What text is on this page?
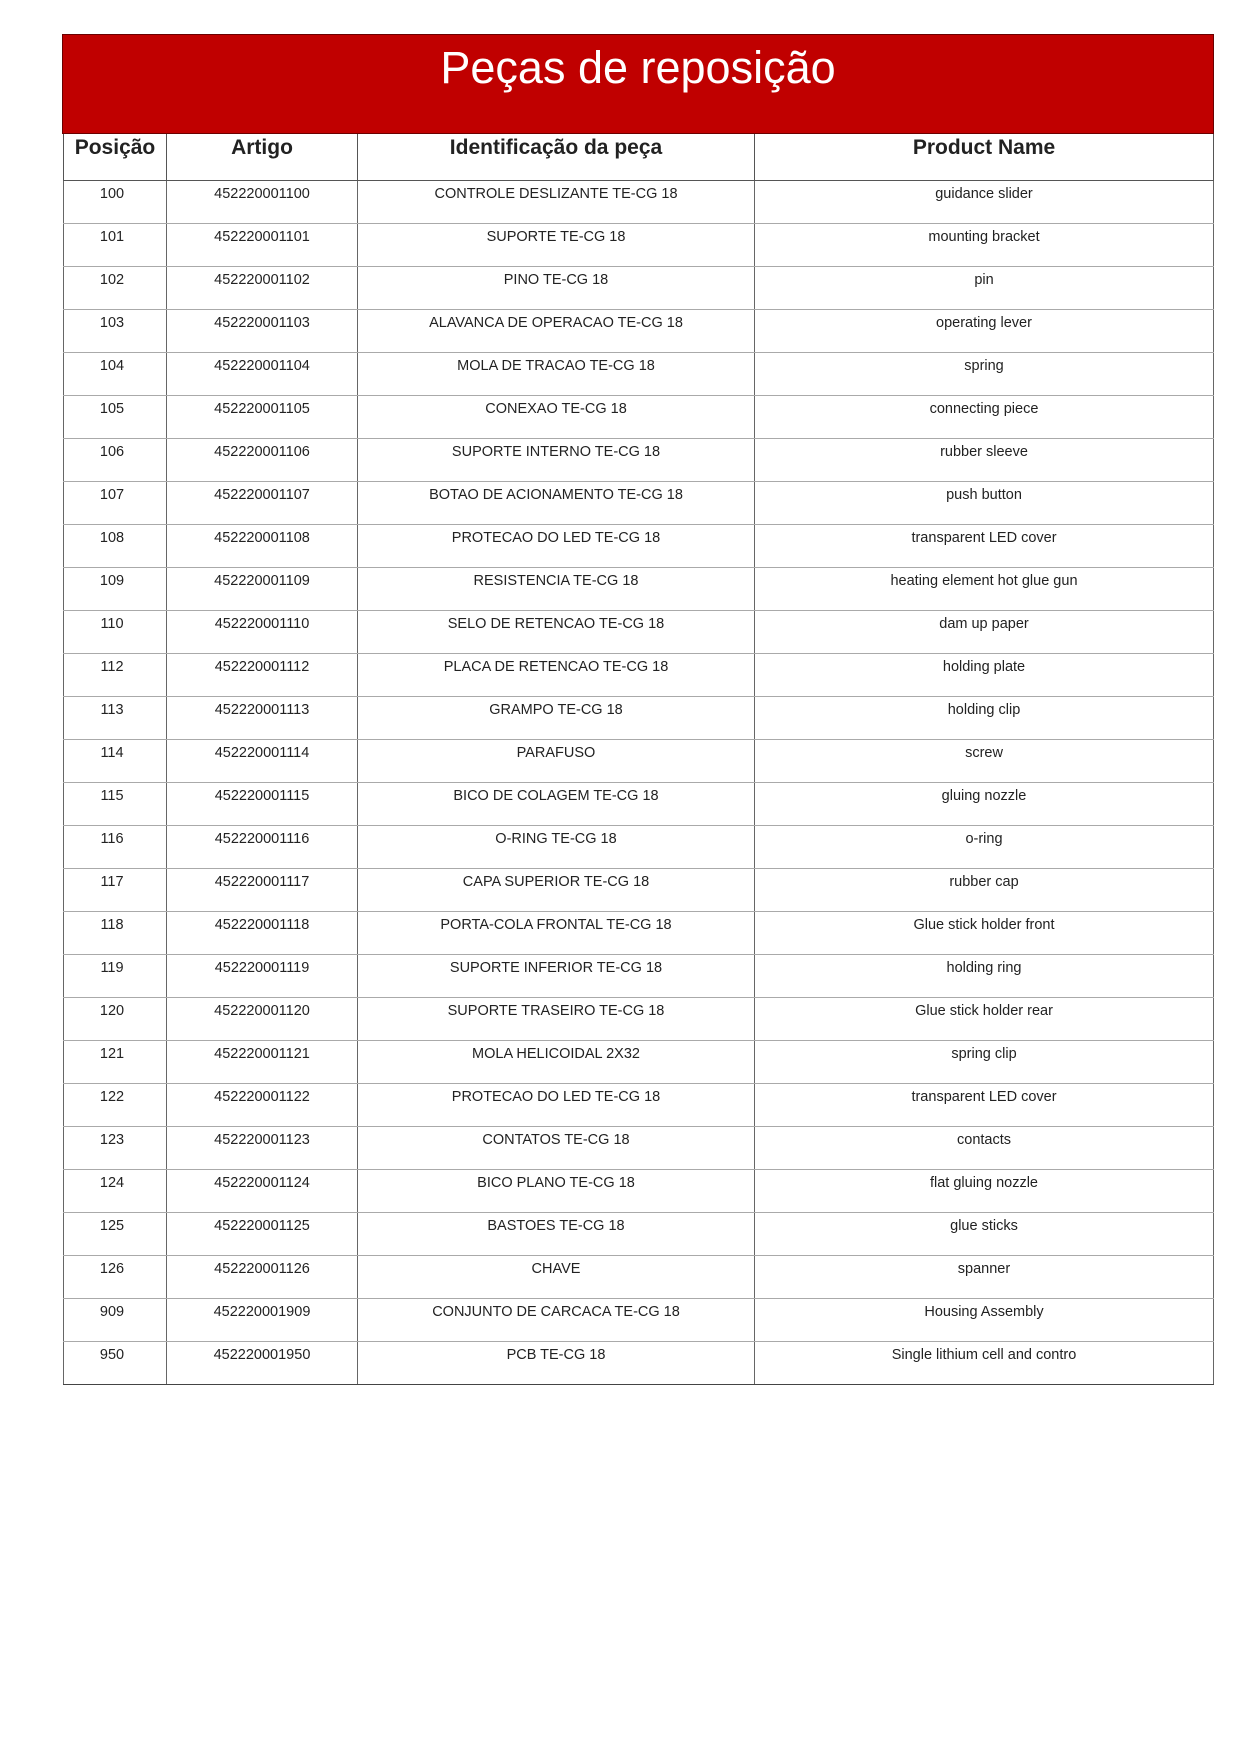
Peças de reposição
Posição	Artigo	Identificação da peça	Product Name
100	452220001100	CONTROLE DESLIZANTE TE-CG 18	guidance slider
101	452220001101	SUPORTE TE-CG 18	mounting bracket
102	452220001102	PINO TE-CG 18	pin
103	452220001103	ALAVANCA DE OPERACAO TE-CG 18	operating lever
104	452220001104	MOLA DE TRACAO TE-CG 18	spring
105	452220001105	CONEXAO TE-CG 18	connecting piece
106	452220001106	SUPORTE INTERNO TE-CG 18	rubber sleeve
107	452220001107	BOTAO DE ACIONAMENTO TE-CG 18	push button
108	452220001108	PROTECAO DO LED TE-CG 18	transparent LED cover
109	452220001109	RESISTENCIA TE-CG 18	heating element hot glue gun
110	452220001110	SELO DE RETENCAO TE-CG 18	dam up paper
112	452220001112	PLACA DE RETENCAO TE-CG 18	holding plate
113	452220001113	GRAMPO TE-CG 18	holding clip
114	452220001114	PARAFUSO	screw
115	452220001115	BICO DE COLAGEM TE-CG 18	gluing nozzle
116	452220001116	O-RING TE-CG 18	o-ring
117	452220001117	CAPA SUPERIOR TE-CG 18	rubber cap
118	452220001118	PORTA-COLA FRONTAL TE-CG 18	Glue stick holder front
119	452220001119	SUPORTE INFERIOR TE-CG 18	holding ring
120	452220001120	SUPORTE TRASEIRO TE-CG 18	Glue stick holder rear
121	452220001121	MOLA HELICOIDAL 2X32	spring clip
122	452220001122	PROTECAO DO LED TE-CG 18	transparent LED cover
123	452220001123	CONTATOS TE-CG 18	contacts
124	452220001124	BICO PLANO TE-CG 18	flat gluing nozzle
125	452220001125	BASTOES TE-CG 18	glue sticks
126	452220001126	CHAVE	spanner
909	452220001909	CONJUNTO DE CARCACA TE-CG 18	Housing Assembly
950	452220001950	PCB TE-CG 18	Single lithium cell and contro
